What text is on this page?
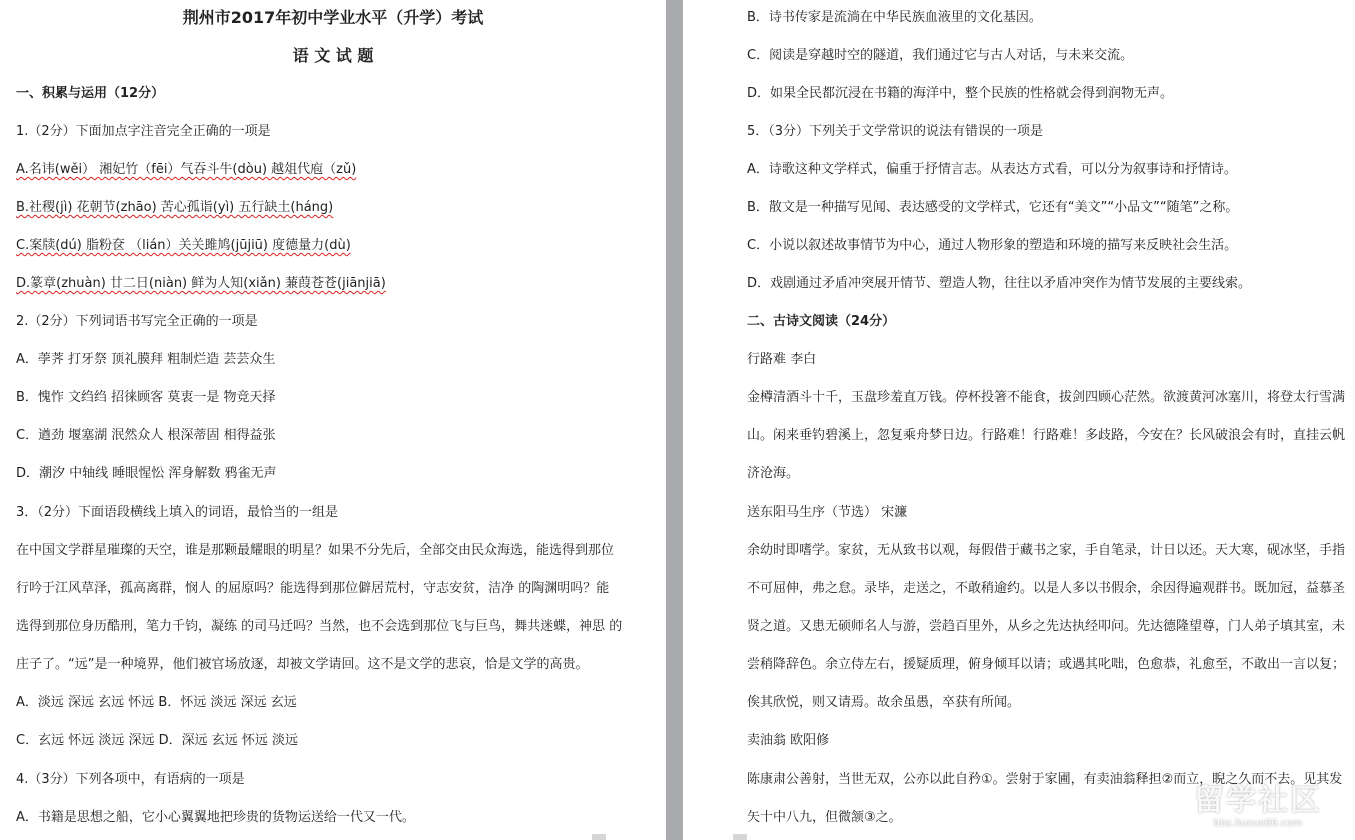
荆州市2017年初中学业水平（升学）考试
语 文 试 题
一、积累与运用（12分）
1.（2分）下面加点字注音完全正确的一项是
A.名讳(wěi） 湘妃竹（fēi）气吞斗牛(dòu) 越俎代庖（zǔ)
B.社稷(jì) 花朝节(zhāo) 苦心孤诣(yì) 五行缺土(háng)
C.案牍(dú) 脂粉奁 （lián）关关雎鸠(jūjiū) 度德量力(dù)
D.篆章(zhuàn) 廿二日(niàn) 鲜为人知(xiǎn) 蒹葭苍苍(jiānjiā)
2.（2分）下列词语书写完全正确的一项是
A．荸荠 打牙祭 顶礼膜拜 粗制烂造 芸芸众生
B．愧怍 文绉绉 招徕顾客 莫衷一是 物竞天择
C．遒劲 堰塞湖 泯然众人 根深蒂固 相得益张
D．潮汐 中轴线 睡眼惺忪 浑身解数 鸦雀无声
3．（2分）下面语段横线上填入的词语，最恰当的一组是
在中国文学群星璀璨的天空，谁是那颗最耀眼的明星？如果不分先后，全部交由民众海选，能选得到那位
行吟于江风草泽，孤高离群，悯人 的屈原吗？能选得到那位僻居荒村，守志安贫，洁净 的陶渊明吗？能
选得到那位身历酷刑，笔力千钧，凝练 的司马迁吗？当然，也不会选到那位飞与巨鸟，舞共迷蝶，神思 的
庄子了。“远”是一种境界，他们被官场放逐，却被文学请回。这不是文学的悲哀，恰是文学的高贵。
A．淡远 深远 玄远 怀远 B．怀远 淡远 深远 玄远
C．玄远 怀远 淡远 深远 D．深远 玄远 怀远 淡远
4.（3分）下列各项中，有语病的一项是
A．书籍是思想之船，它小心翼翼地把珍贵的货物运送给一代又一代。
B．诗书传家是流淌在中华民族血液里的文化基因。
C．阅读是穿越时空的隧道，我们通过它与古人对话，与未来交流。
D．如果全民都沉浸在书籍的海洋中，整个民族的性格就会得到润物无声。
5．（3分）下列关于文学常识的说法有错误的一项是
A．诗歌这种文学样式，偏重于抒情言志。从表达方式看，可以分为叙事诗和抒情诗。
B．散文是一种描写见闻、表达感受的文学样式，它还有“美文”“小品文”“随笔”之称。
C．小说以叙述故事情节为中心，通过人物形象的塑造和环境的描写来反映社会生活。
D．戏剧通过矛盾冲突展开情节、塑造人物，往往以矛盾冲突作为情节发展的主要线索。
二、古诗文阅读（24分）
行路难 李白
金樽清酒斗十千，玉盘珍羞直万钱。停杯投箸不能食，拔剑四顾心茫然。欲渡黄河冰塞川，将登太行雪满
山。闲来垂钓碧溪上，忽复乘舟梦日边。行路难！行路难！多歧路，今安在？长风破浪会有时，直挂云帆
济沧海。
送东阳马生序（节选） 宋濂
余幼时即嗜学。家贫，无从致书以观，每假借于藏书之家，手自笔录，计日以还。天大寒，砚冰坚，手指
不可屈伸，弗之怠。录毕，走送之，不敢稍逾约。以是人多以书假余，余因得遍观群书。既加冠，益慕圣
贤之道。又患无硕师名人与游，尝趋百里外，从乡之先达执经叩问。先达德隆望尊，门人弟子填其室，未
尝稍降辞色。余立侍左右，援疑质理，俯身倾耳以请；或遇其叱咄，色愈恭，礼愈至，不敢出一言以复；
俟其欣悦，则又请焉。故余虽愚，卒获有所闻。
卖油翁 欧阳修
陈康肃公善射，当世无双，公亦以此自矜①。尝射于家圃，有卖油翁释担②而立，睨之久而不去。见其发
矢十中八九，但微颔③之。	留学社区
bbs.liuxue86.com
